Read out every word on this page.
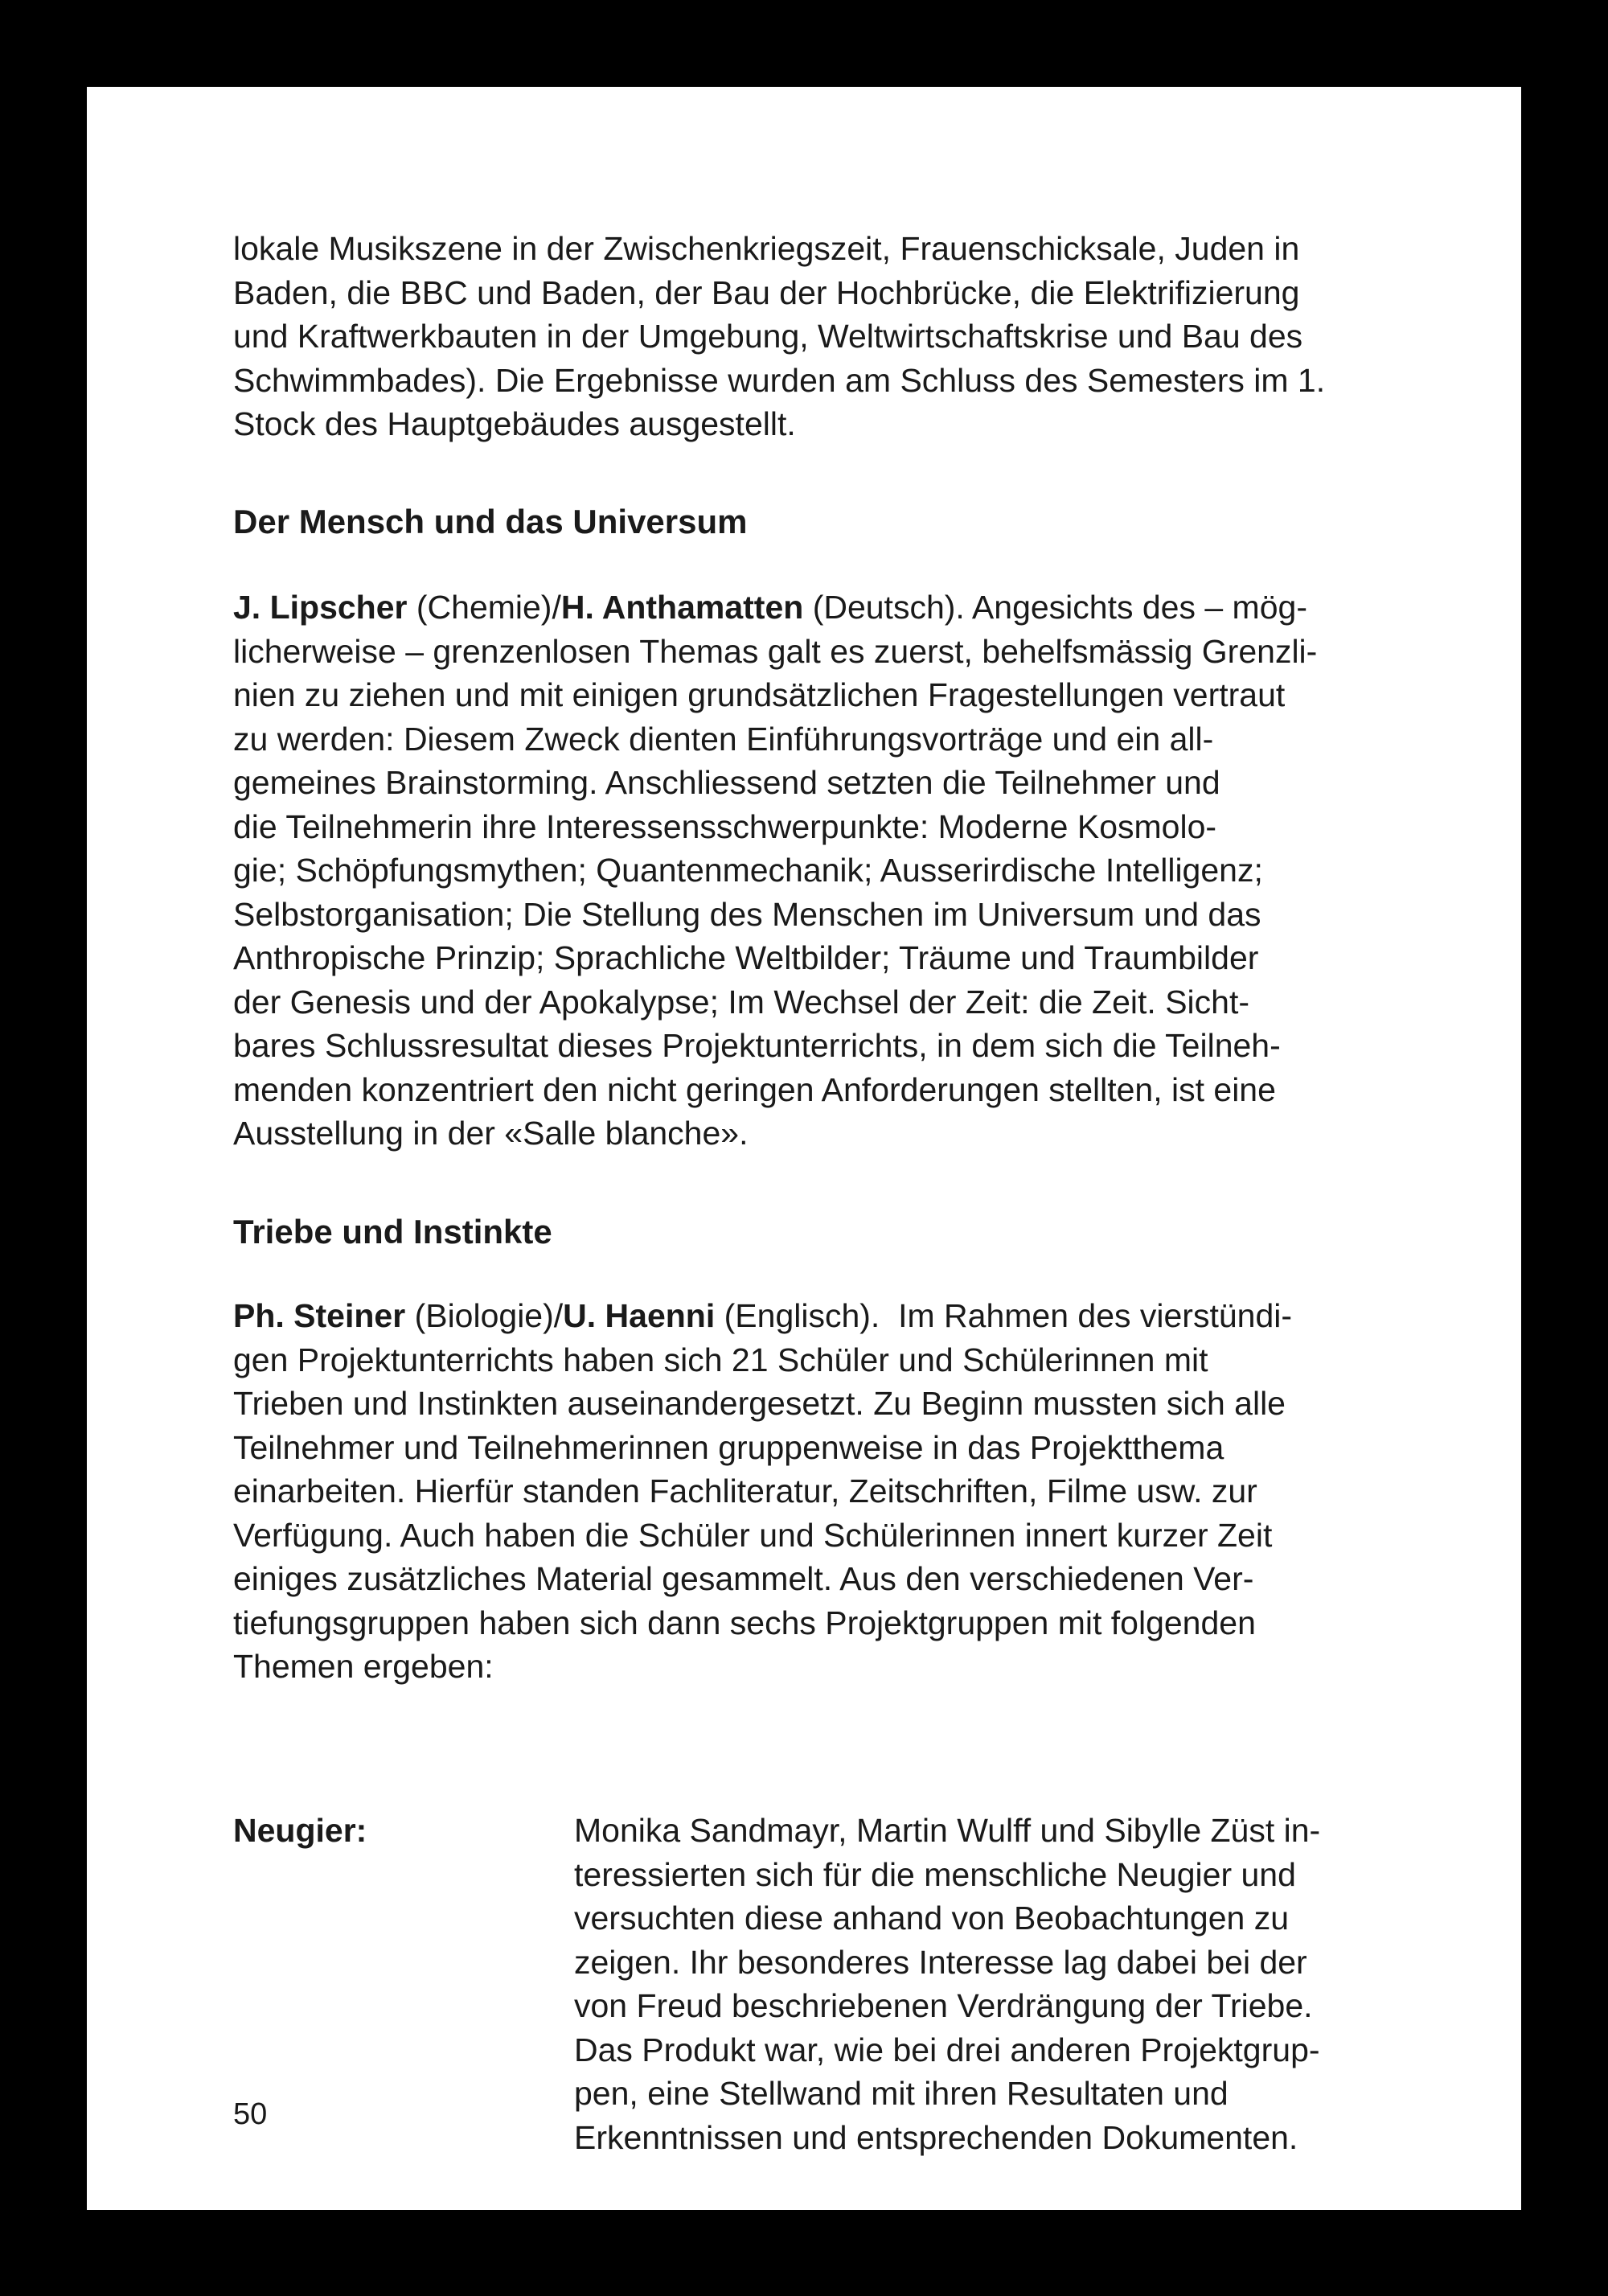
lokale Musikszene in der Zwischenkriegszeit, Frauenschicksale, Juden in
Baden, die BBC und Baden, der Bau der Hochbrücke, die Elektrifizierung
und Kraftwerkbauten in der Umgebung, Weltwirtschaftskrise und Bau des
Schwimmbades). Die Ergebnisse wurden am Schluss des Semesters im 1.
Stock des Hauptgebäudes ausgestellt.
Der Mensch und das Universum
J. Lipscher (Chemie)/H. Anthamatten (Deutsch). Angesichts des – mög-
licherweise – grenzenlosen Themas galt es zuerst, behelfsmässig Grenzli-
nien zu ziehen und mit einigen grundsätzlichen Fragestellungen vertraut
zu werden: Diesem Zweck dienten Einführungsvorträge und ein all-
gemeines Brainstorming. Anschliessend setzten die Teilnehmer und
die Teilnehmerin ihre Interessensschwerpunkte: Moderne Kosmolo-
gie; Schöpfungsmythen; Quantenmechanik; Ausserirdische Intelligenz;
Selbstorganisation; Die Stellung des Menschen im Universum und das
Anthropische Prinzip; Sprachliche Weltbilder; Träume und Traumbilder
der Genesis und der Apokalypse; Im Wechsel der Zeit: die Zeit. Sicht-
bares Schlussresultat dieses Projektunterrichts, in dem sich die Teilneh-
menden konzentriert den nicht geringen Anforderungen stellten, ist eine
Ausstellung in der «Salle blanche».
Triebe und Instinkte
Ph. Steiner (Biologie)/U. Haenni (Englisch).  Im Rahmen des vierstündi-
gen Projektunterrichts haben sich 21 Schüler und Schülerinnen mit
Trieben und Instinkten auseinandergesetzt. Zu Beginn mussten sich alle
Teilnehmer und Teilnehmerinnen gruppenweise in das Projektthema
einarbeiten. Hierfür standen Fachliteratur, Zeitschriften, Filme usw. zur
Verfügung. Auch haben die Schüler und Schülerinnen innert kurzer Zeit
einiges zusätzliches Material gesammelt. Aus den verschiedenen Ver-
tiefungsgruppen haben sich dann sechs Projektgruppen mit folgenden
Themen ergeben:
Neugier:	Monika Sandmayr, Martin Wulff und Sibylle Züst in-
teressierten sich für die menschliche Neugier und
versuchten diese anhand von Beobachtungen zu
zeigen. Ihr besonderes Interesse lag dabei bei der
von Freud beschriebenen Verdrängung der Triebe.
Das Produkt war, wie bei drei anderen Projektgrup-
pen, eine Stellwand mit ihren Resultaten und
Erkenntnissen und entsprechenden Dokumenten.
50
